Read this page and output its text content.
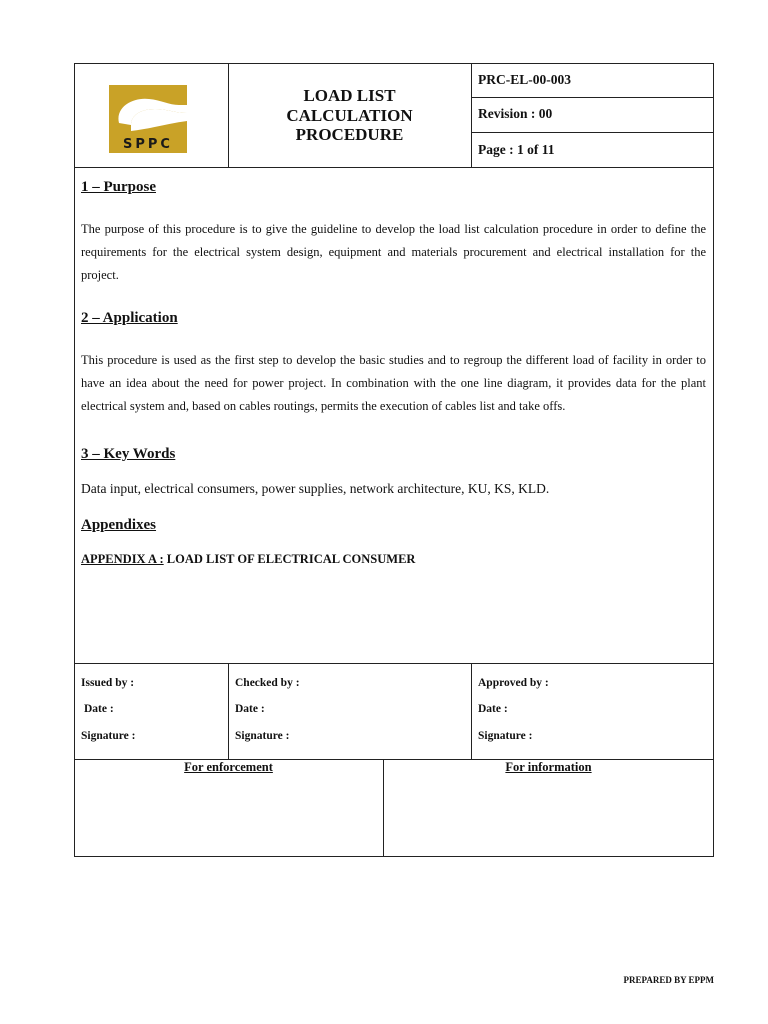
SPPC
LOAD LIST
CALCULATION
PROCEDURE
PRC-EL-00-003
Revision : 00
Page : 1 of 11
1 – Purpose

The purpose of this procedure is to give the guideline to develop the load list calculation procedure in order to define the requirements for the electrical system design, equipment and materials procurement and electrical installation for the project.

2 – Application

This procedure is used as the first step to develop the basic studies and to regroup the different load of facility in order to have an idea about the need for power project. In combination with the one line diagram, it provides data for the plant electrical system and, based on cables routings, permits the execution of cables list and take offs.

3 – Key Words
Data input, electrical consumers, power supplies, network architecture, KU, KS, KLD.
Appendixes
APPENDIX A : LOAD LIST OF ELECTRICAL CONSUMER
Issued by :
Date :
Signature :
Checked by :
Date :
Signature :
Approved by :
Date :
Signature :
For enforcement	For information
PREPARED BY EPPM
